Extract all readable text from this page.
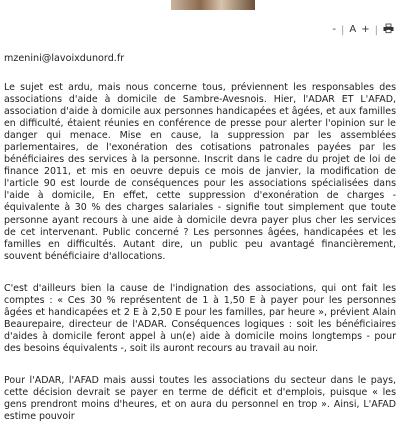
- | A + |
mzenini@lavoixdunord.fr

Le sujet est ardu, mais nous concerne tous, préviennent les responsables des associations d'aide à domicile de Sambre-Avesnois. Hier, l'ADAR ET L'AFAD, association d'aide à domicile aux personnes handicapées et âgées, et aux familles en difficulté, étaient réunies en conférence de presse pour alerter l'opinion sur le danger qui menace. Mise en cause, la suppression par les assemblées parlementaires, de l'exonération des cotisations patronales payées par les bénéficiaires des services à la personne. Inscrit dans le cadre du projet de loi de finance 2011, et mis en oeuvre depuis ce mois de janvier, la modification de l'article 90 est lourde de conséquences pour les associations spécialisées dans l'aide à domicile, En effet, cette suppression d'exonération de charges - équivalente à 30 % des charges salariales - signifie tout simplement que toute personne ayant recours à une aide à domicile devra payer plus cher les services de cet intervenant. Public concerné ? Les personnes âgées, handicapées et les familles en difficultés. Autant dire, un public peu avantagé financièrement, souvent bénéficiaire d'allocations.

C'est d'ailleurs bien la cause de l'indignation des associations, qui ont fait les comptes : « Ces 30 % représentent de 1 à 1,50 E à payer pour les personnes âgées et handicapées et 2 E à 2,50 E pour les familles, par heure », prévient Alain Beaurepaire, directeur de l'ADAR. Conséquences logiques : soit les bénéficiaires d'aides à domicile feront appel à un(e) aide à domicile moins longtemps - pour des besoins équivalents -, soit ils auront recours au travail au noir.

Pour l'ADAR, l'AFAD mais aussi toutes les associations du secteur dans le pays, cette décision devrait se payer en terme de déficit et d'emplois, puisque « les gens prendront moins d'heures, et on aura du personnel en trop ». Ainsi, L'AFAD estime pouvoir
